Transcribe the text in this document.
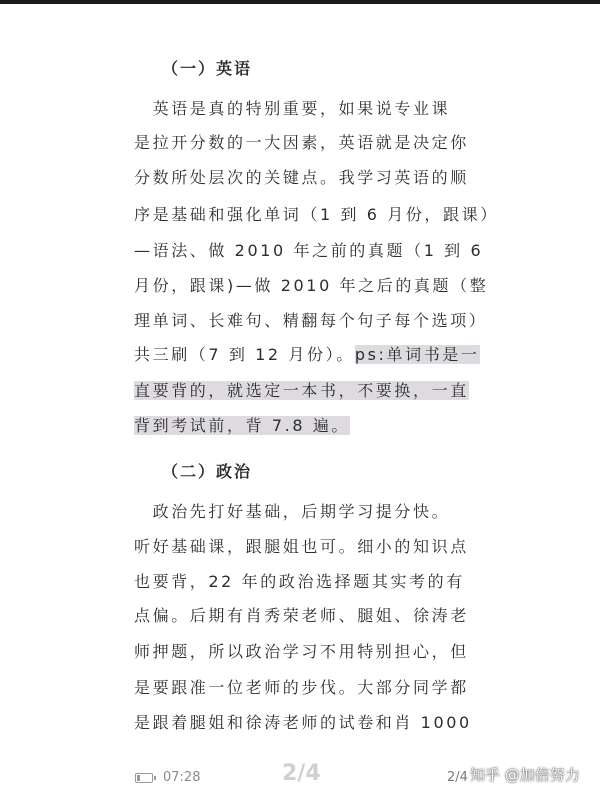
（一）英语
　英语是真的特别重要，如果说专业课
是拉开分数的一大因素，英语就是决定你
分数所处层次的关键点。我学习英语的顺
序是基础和强化单词（1 到 6 月份，跟课）
—语法、做 2010 年之前的真题（1 到 6
月份，跟课)—做 2010 年之后的真题（整
理单词、长难句、精翻每个句子每个选项）
共三刷（7 到 12 月份）。ps:单词书是一
直要背的，就选定一本书，不要换，一直
背到考试前，背 7.8 遍。
（二）政治
　政治先打好基础，后期学习提分快。
听好基础课，跟腿姐也可。细小的知识点
也要背，22 年的政治选择题其实考的有
点偏。后期有肖秀荣老师、腿姐、徐涛老
师押题，所以政治学习不用特别担心，但
是要跟准一位老师的步伐。大部分同学都
是跟着腿姐和徐涛老师的试卷和肖 1000
07:28	2/4	2/4 知乎 @加倍努力
